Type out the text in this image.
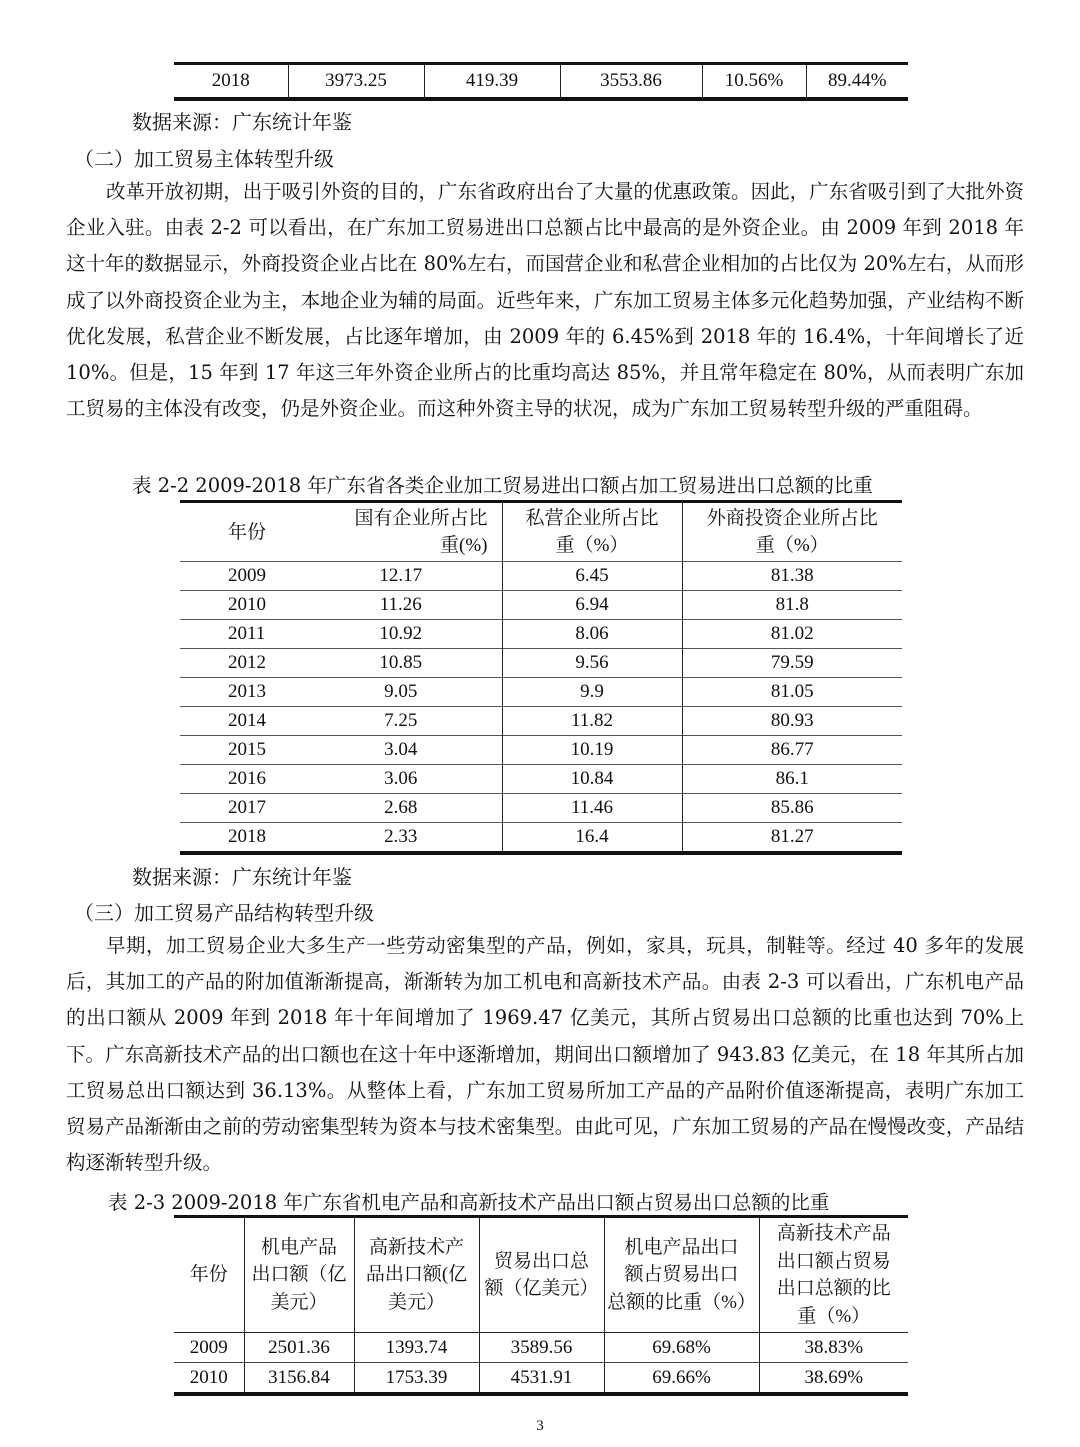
2018	3973.25	419.39	3553.86	10.56%	89.44%
数据来源：广东统计年鉴
（二）加工贸易主体转型升级
改革开放初期，出于吸引外资的目的，广东省政府出台了大量的优惠政策。因此，广东省吸引到了大批外资企业入驻。由表 2-2 可以看出，在广东加工贸易进出口总额占比中最高的是外资企业。由 2009 年到 2018 年这十年的数据显示，外商投资企业占比在 80%左右，而国营企业和私营企业相加的占比仅为 20%左右，从而形成了以外商投资企业为主，本地企业为辅的局面。近些年来，广东加工贸易主体多元化趋势加强，产业结构不断优化发展，私营企业不断发展，占比逐年增加，由 2009 年的 6.45%到 2018 年的 16.4%，十年间增长了近 10%。但是，15 年到 17 年这三年外资企业所占的比重均高达 85%，并且常年稳定在 80%，从而表明广东加工贸易的主体没有改变，仍是外资企业。而这种外资主导的状况，成为广东加工贸易转型升级的严重阻碍。
表 2-2 2009-2018 年广东省各类企业加工贸易进出口额占加工贸易进出口总额的比重
年份	
国有企业所占比
重(%)

私营企业所占比
重（%）

外商投资企业所占比
重（%）

2009	12.17	6.45	81.38
2010	11.26	6.94	81.8
2011	10.92	8.06	81.02
2012	10.85	9.56	79.59
2013	9.05	9.9	81.05
2014	7.25	11.82	80.93
2015	3.04	10.19	86.77
2016	3.06	10.84	86.1
2017	2.68	11.46	85.86
2018	2.33	16.4	81.27
数据来源：广东统计年鉴
（三）加工贸易产品结构转型升级
早期，加工贸易企业大多生产一些劳动密集型的产品，例如，家具，玩具，制鞋等。经过 40 多年的发展后，其加工的产品的附加值渐渐提高，渐渐转为加工机电和高新技术产品。由表 2-3 可以看出，广东机电产品的出口额从 2009 年到 2018 年十年间增加了 1969.47 亿美元，其所占贸易出口总额的比重也达到 70%上下。广东高新技术产品的出口额也在这十年中逐渐增加，期间出口额增加了 943.83 亿美元，在 18 年其所占加工贸易总出口额达到 36.13%。从整体上看，广东加工贸易所加工产品的产品附价值逐渐提高，表明广东加工贸易产品渐渐由之前的劳动密集型转为资本与技术密集型。由此可见，广东加工贸易的产品在慢慢改变，产品结构逐渐转型升级。
表 2-3 2009-2018 年广东省机电产品和高新技术产品出口额占贸易出口总额的比重
年份

机电产品
出口额（亿
美元）

高新技术产
品出口额(亿
美元）

贸易出口总
额（亿美元）

机电产品出口
额占贸易出口
总额的比重（%）

高新技术产品
出口额占贸易
出口总额的比
重（%）

2009	2501.36	1393.74	3589.56	69.68%	38.83%
2010	3156.84	1753.39	4531.91	69.66%	38.69%
3
